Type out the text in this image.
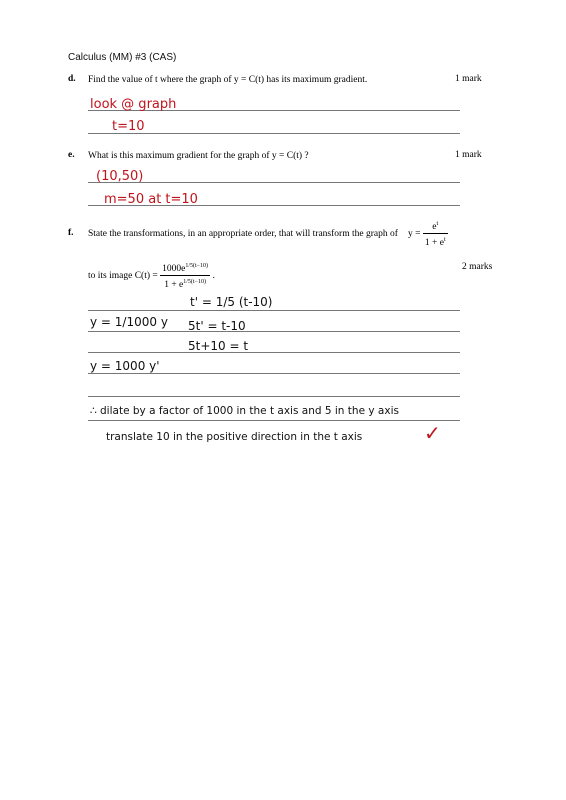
Calculus (MM) #3 (CAS)
d. Find the value of t where the graph of y = C(t) has its maximum gradient.	1 mark
e. What is this maximum gradient for the graph of y = C(t) ?	1 mark
f. State the transformations, in an appropriate order, that will transform the graph of $y = \frac{e^t}{1 + e^t}$
to its image $C(t) = \frac{1000e^{1/5(t-10)}}{1 + e^{1/5(t-10)}}$ .
2 marks
look @ graph
t=10
(10,50)
m=50 at t=10
t' = 1/5 (t-10)
5t' = t-10
5t+10 = t
y = 1/1000 y
y = 1000 y'
∴ dilate by a factor of 1000 in the t axis and 5 in the y axis
translate 10 in the positive direction in the t axis	✓
